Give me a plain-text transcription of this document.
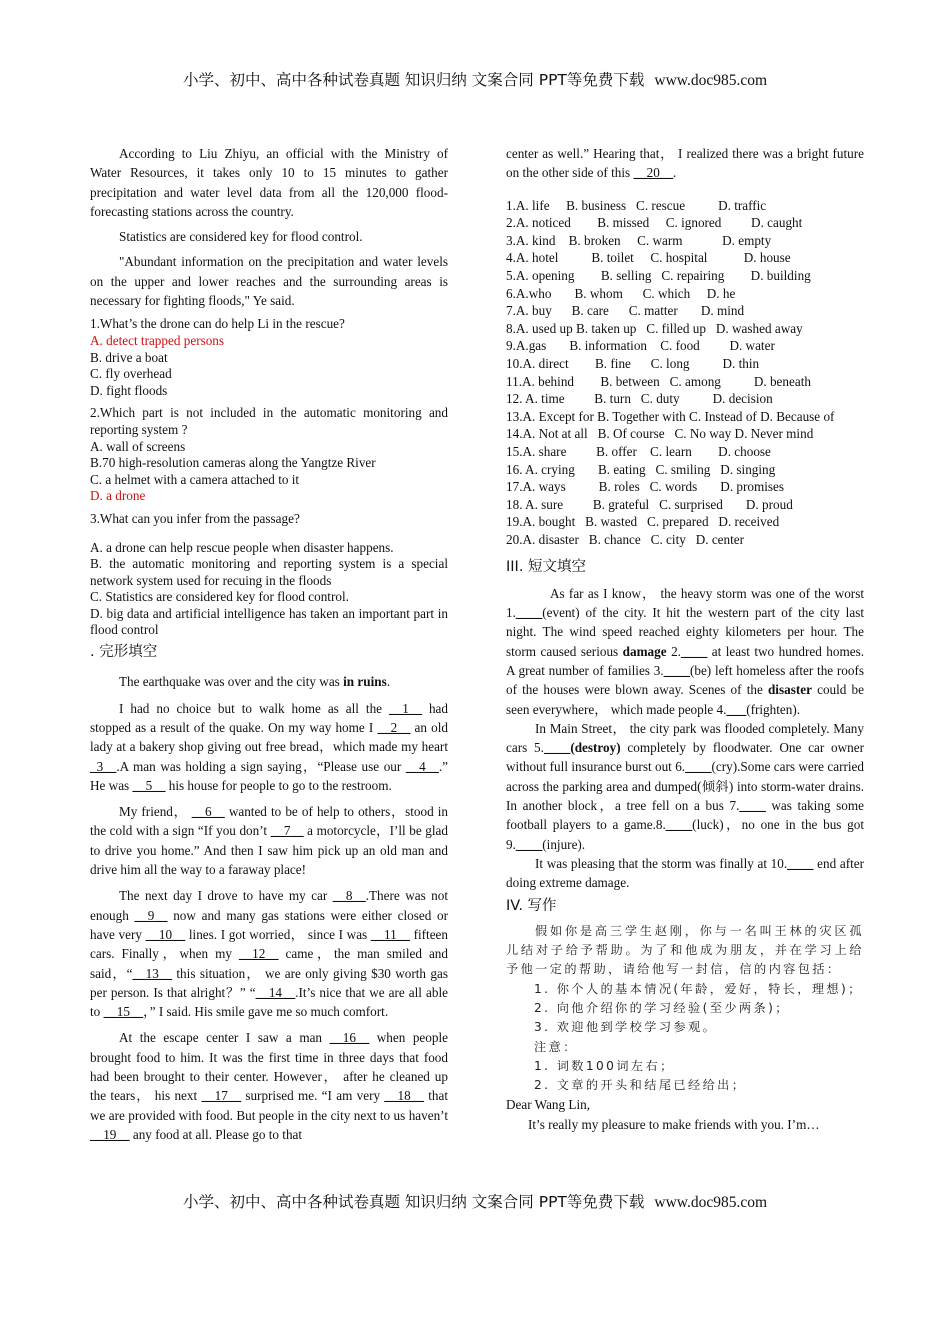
小学、初中、高中各种试卷真题 知识归纳 文案合同 PPT等免费下载 www.doc985.com

According to Liu Zhiyu, an official with the Ministry of Water Resources, it takes only 10 to 15 minutes to gather precipitation and water level data from all the 120,000 flood-forecasting stations across the country.

Statistics are considered key for flood control.

"Abundant information on the precipitation and water levels on the upper and lower reaches and the surrounding areas is necessary for fighting floods," Ye said.

1.What’s the drone can do help Li in the rescue?

A. detect trapped persons

B. drive a boat

C. fly overhead

D. fight floods

2.Which part is not included in the automatic monitoring and reporting system ?

A. wall of screens

B.70 high-resolution cameras along the Yangtze River

C. a helmet with a camera attached to it

D. a drone

3.What can you infer from the passage?

A. a drone can help rescue people when disaster happens.

B. the automatic monitoring and reporting system is a special network system used for recuing in the floods

C. Statistics are considered key for flood control.

D. big data and artificial intelligence has taken an important part in flood control

. 完形填空

The earthquake was over and the city was in ruins.

I had no choice but to walk home as all the __1__ had stopped as a result of the quake. On my way home I __2__ an old lady at a bakery shop giving out free bread，which made my heart _3__.A man was holding a sign saying，“Please use our __4__.” He was __5__ his house for people to go to the restroom.

My friend， __6__ wanted to be of help to others，stood in the cold with a sign “If you don’t __7__ a motorcycle，I’ll be glad to drive you home.” And then I saw him pick up an old man and drive him all the way to a faraway place!

The next day I drove to have my car __8__.There was not enough __9__ now and many gas stations were either closed or have very __10__ lines. I got worried， since I was __11__ fifteen cars. Finally，when my __12__ came，the man smiled and said，“__13__ this situation， we are only giving $30 worth gas per person. Is that alright？” “__14__.It’s nice that we are all able to __15__，” I said. His smile gave me so much comfort.

At the escape center I saw a man __16__ when people brought food to him. It was the first time in three days that food had been brought to their center. However， after he cleaned up the tears， his next __17__ surprised me. “I am very __18__ that we are provided with food. But people in the city next to us haven’t __19__ any food at all. Please go to that

center as well.” Hearing that， I realized there was a bright future on the other side of this __20__.

1.A. life     B. business   C. rescue          D. traffic
2.A. noticed        B. missed     C. ignored         D. caught
3.A. kind    B. broken     C. warm            D. empty
4.A. hotel          B. toilet     C. hospital           D. house
5.A. opening        B. selling   C. repairing        D. building
6.A.who       B. whom      C. which     D. he
7.A. buy      B. care      C. matter       D. mind
8.A. used up B. taken up   C. filled up   D. washed away
9.A.gas       B. information    C. food         D. water
10.A. direct        B. fine      C. long          D. thin
11.A. behind        B. between   C. among          D. beneath
12. A. time         B. turn   C. duty          D. decision
13.A. Except for B. Together with C. Instead of D. Because of
14.A. Not at all   B. Of course   C. No way D. Never mind
15.A. share         B. offer    C. learn        D. choose
16. A. crying       B. eating   C. smiling   D. singing
17.A. ways          B. roles   C. words       D. promises
18. A. sure         B. grateful   C. surprised       D. proud
19.A. bought   B. wasted   C. prepared   D. received
20.A. disaster   B. chance   C. city   D. center
III. 短文填空

As far as I know， the heavy storm was one of the worst 1.____(event) of the city. It hit the western part of the city last night. The wind speed reached eighty kilometers per hour. The storm caused serious damage 2.____ at least two hundred homes. A great number of families 3.____(be) left homeless after the roofs of the houses were blown away. Scenes of the disaster could be seen everywhere， which made people 4.___(frighten).

In Main Street， the city park was flooded completely. Many cars 5.____(destroy) completely by floodwater. One car owner without full insurance burst out 6.____(cry).Some cars were carried across the parking area and dumped(倾斜) into storm-water drains. In another block，a tree fell on a bus 7.____ was taking some football players to a game.8.____(luck)，no one in the bus got 9.____(injure).

It was pleasing that the storm was finally at 10.____ end after doing extreme damage.

IV. 写作

假如你是高三学生赵刚，你与一名叫王林的灾区孤儿结对子给予帮助。为了和他成为朋友，并在学习上给予他一定的帮助，请给他写一封信，信的内容包括：

1. 你个人的基本情况(年龄，爱好，特长，理想)；
2. 向他介绍你的学习经验(至少两条)；
3. 欢迎他到学校学习参观。
注意：
1. 词数100词左右；
2. 文章的开头和结尾已经给出；

Dear Wang Lin,

It’s really my pleasure to make friends with you. I’m…

小学、初中、高中各种试卷真题 知识归纳 文案合同 PPT等免费下载 www.doc985.com
